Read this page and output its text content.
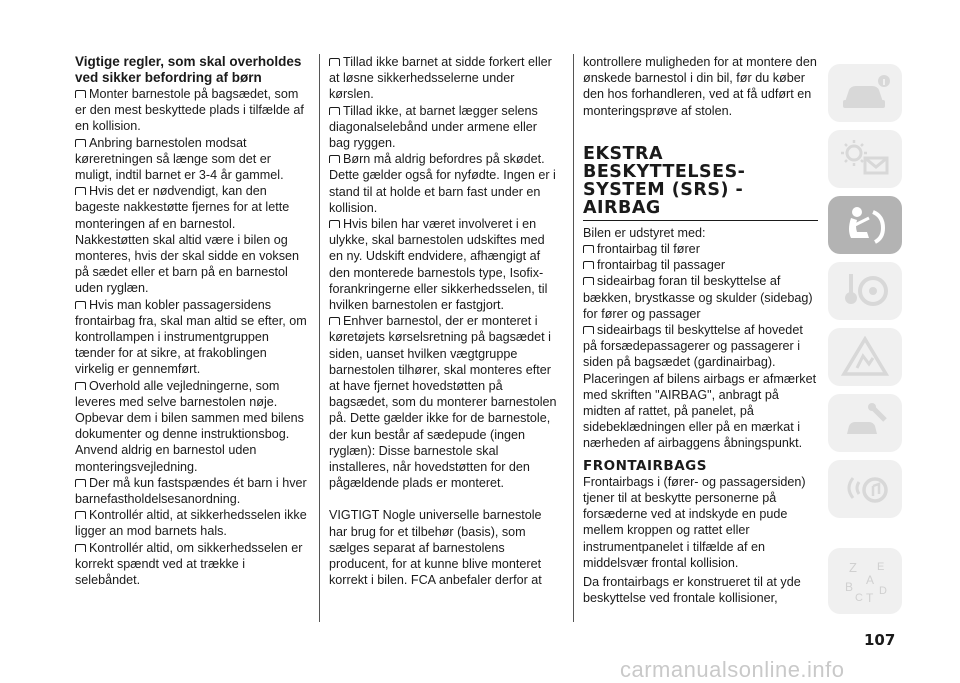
Vigtige regler, som skal overholdes ved sikker befordring af børn

Monter barnestole på bagsædet, som er den mest beskyttede plads i tilfælde af en kollision.

Anbring barnestolen modsat køreretningen så længe som det er muligt, indtil barnet er 3-4 år gammel.

Hvis det er nødvendigt, kan den bageste nakkestøtte fjernes for at lette monteringen af en barnestol. Nakkestøtten skal altid være i bilen og monteres, hvis der skal sidde en voksen på sædet eller et barn på en barnestol uden ryglæn.

Hvis man kobler passagersidens frontairbag fra, skal man altid se efter, om kontrollampen i instrumentgruppen tænder for at sikre, at frakoblingen virkelig er gennemført.

Overhold alle vejledningerne, som leveres med selve barnestolen nøje. Opbevar dem i bilen sammen med bilens dokumenter og denne instruktionsbog. Anvend aldrig en barnestol uden monteringsvejledning.

Der må kun fastspændes ét barn i hver barnefastholdelsesanordning.

Kontrollér altid, at sikkerhedsselen ikke ligger an mod barnets hals.

Kontrollér altid, om sikkerhedsselen er korrekt spændt ved at trække i selebåndet.

Tillad ikke barnet at sidde forkert eller at løsne sikkerhedsselerne under kørslen.

Tillad ikke, at barnet lægger selens diagonalselebånd under armene eller bag ryggen.

Børn må aldrig befordres på skødet. Dette gælder også for nyfødte. Ingen er i stand til at holde et barn fast under en kollision.

Hvis bilen har været involveret i en ulykke, skal barnestolen udskiftes med en ny. Udskift endvidere, afhængigt af den monterede barnestols type, Isofix-forankringerne eller sikkerhedsselen, til hvilken barnestolen er fastgjort.

Enhver barnestol, der er monteret i køretøjets kørselsretning på bagsædet i siden, uanset hvilken vægtgruppe barnestolen tilhører, skal monteres efter at have fjernet hovedstøtten på bagsædet, som du monterer barnestolen på. Dette gælder ikke for de barnestole, der kun består af sædepude (ingen ryglæn): Disse barnestole skal installeres, når hovedstøtten for den pågældende plads er monteret.

VIGTIGT Nogle universelle barnestole har brug for et tilbehør (basis), som sælges separat af barnestolens producent, for at kunne blive monteret korrekt i bilen. FCA anbefaler derfor at

kontrollere muligheden for at montere den ønskede barnestol i din bil, før du køber den hos forhandleren, ved at få udført en monteringsprøve af stolen.

EKSTRA BESKYTTELSES-SYSTEM (SRS) - AIRBAG

Bilen er udstyret med:

frontairbag til fører

frontairbag til passager

sideairbag foran til beskyttelse af bækken, brystkasse og skulder (sidebag) for fører og passager

sideairbags til beskyttelse af hovedet på forsædepassagerer og passagerer i siden på bagsædet (gardinairbag).

Placeringen af bilens airbags er afmærket med skriften "AIRBAG", anbragt på midten af rattet, på panelet, på sidebeklædningen eller på en mærkat i nærheden af airbaggens åbningspunkt.

FRONTAIRBAGS

Frontairbags i (fører- og passagersiden) tjener til at beskytte personerne på forsæderne ved at indskyde en pude mellem kroppen og rattet eller instrumentpanelet i tilfælde af en middelsvær frontal kollision.

Da frontairbags er konstrueret til at yde beskyttelse ved frontale kollisioner,

107
Z E
A
B
C T D
carmanualsonline.info
